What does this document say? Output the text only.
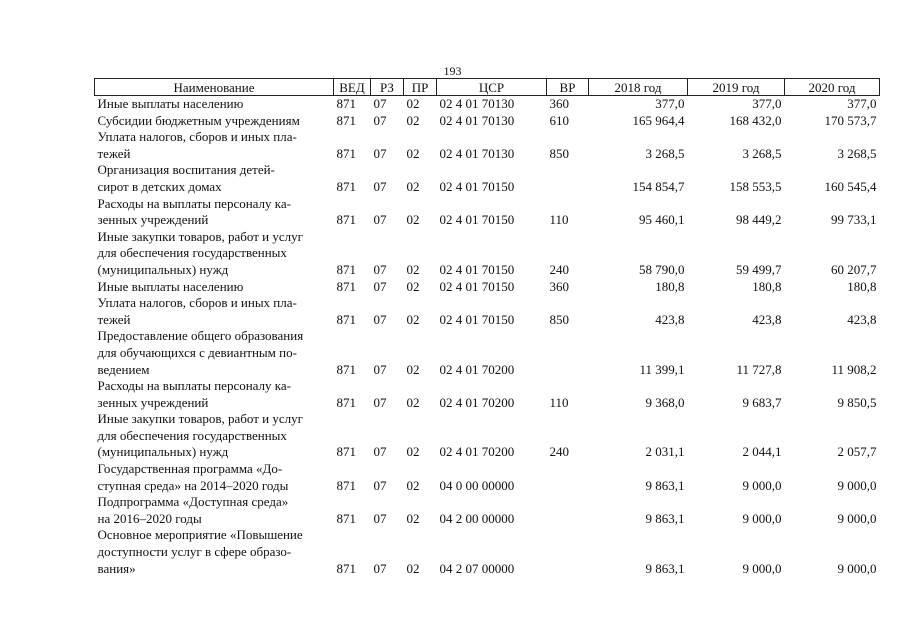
193
Наименование	ВЕД	РЗ	ПР	ЦСР	ВР	2018 год	2019 год	2020 год

Иные выплаты населению	871	07	02	02 4 01 70130	360	377,0	377,0	377,0

Субсидии бюджетным учреждениям	871	07	02	02 4 01 70130	610	165 964,4	168 432,0	170 573,7

Уплата налогов, сборов и иных пла-
тежей	871	07	02	02 4 01 70130	850	3 268,5	3 268,5	3 268,5

Организация воспитания детей-
сирот в детских домах	871	07	02	02 4 01 70150		154 854,7	158 553,5	160 545,4

Расходы на выплаты персоналу ка-
зенных учреждений	871	07	02	02 4 01 70150	110	95 460,1	98 449,2	99 733,1

Иные закупки товаров, работ и услуг
для обеспечения государственных
(муниципальных) нужд	871	07	02	02 4 01 70150	240	58 790,0	59 499,7	60 207,7

Иные выплаты населению	871	07	02	02 4 01 70150	360	180,8	180,8	180,8

Уплата налогов, сборов и иных пла-
тежей	871	07	02	02 4 01 70150	850	423,8	423,8	423,8

Предоставление общего образования
для обучающихся с девиантным по-
ведением	871	07	02	02 4 01 70200		11 399,1	11 727,8	11 908,2

Расходы на выплаты персоналу ка-
зенных учреждений	871	07	02	02 4 01 70200	110	9 368,0	9 683,7	9 850,5

Иные закупки товаров, работ и услуг
для обеспечения государственных
(муниципальных) нужд	871	07	02	02 4 01 70200	240	2 031,1	2 044,1	2 057,7

Государственная программа «До-
ступная среда» на 2014–2020 годы	871	07	02	04 0 00 00000		9 863,1	9 000,0	9 000,0

Подпрограмма «Доступная среда»
на 2016–2020 годы	871	07	02	04 2 00 00000		9 863,1	9 000,0	9 000,0

Основное мероприятие «Повышение
доступности услуг в сфере образо-
вания»	871	07	02	04 2 07 00000		9 863,1	9 000,0	9 000,0
